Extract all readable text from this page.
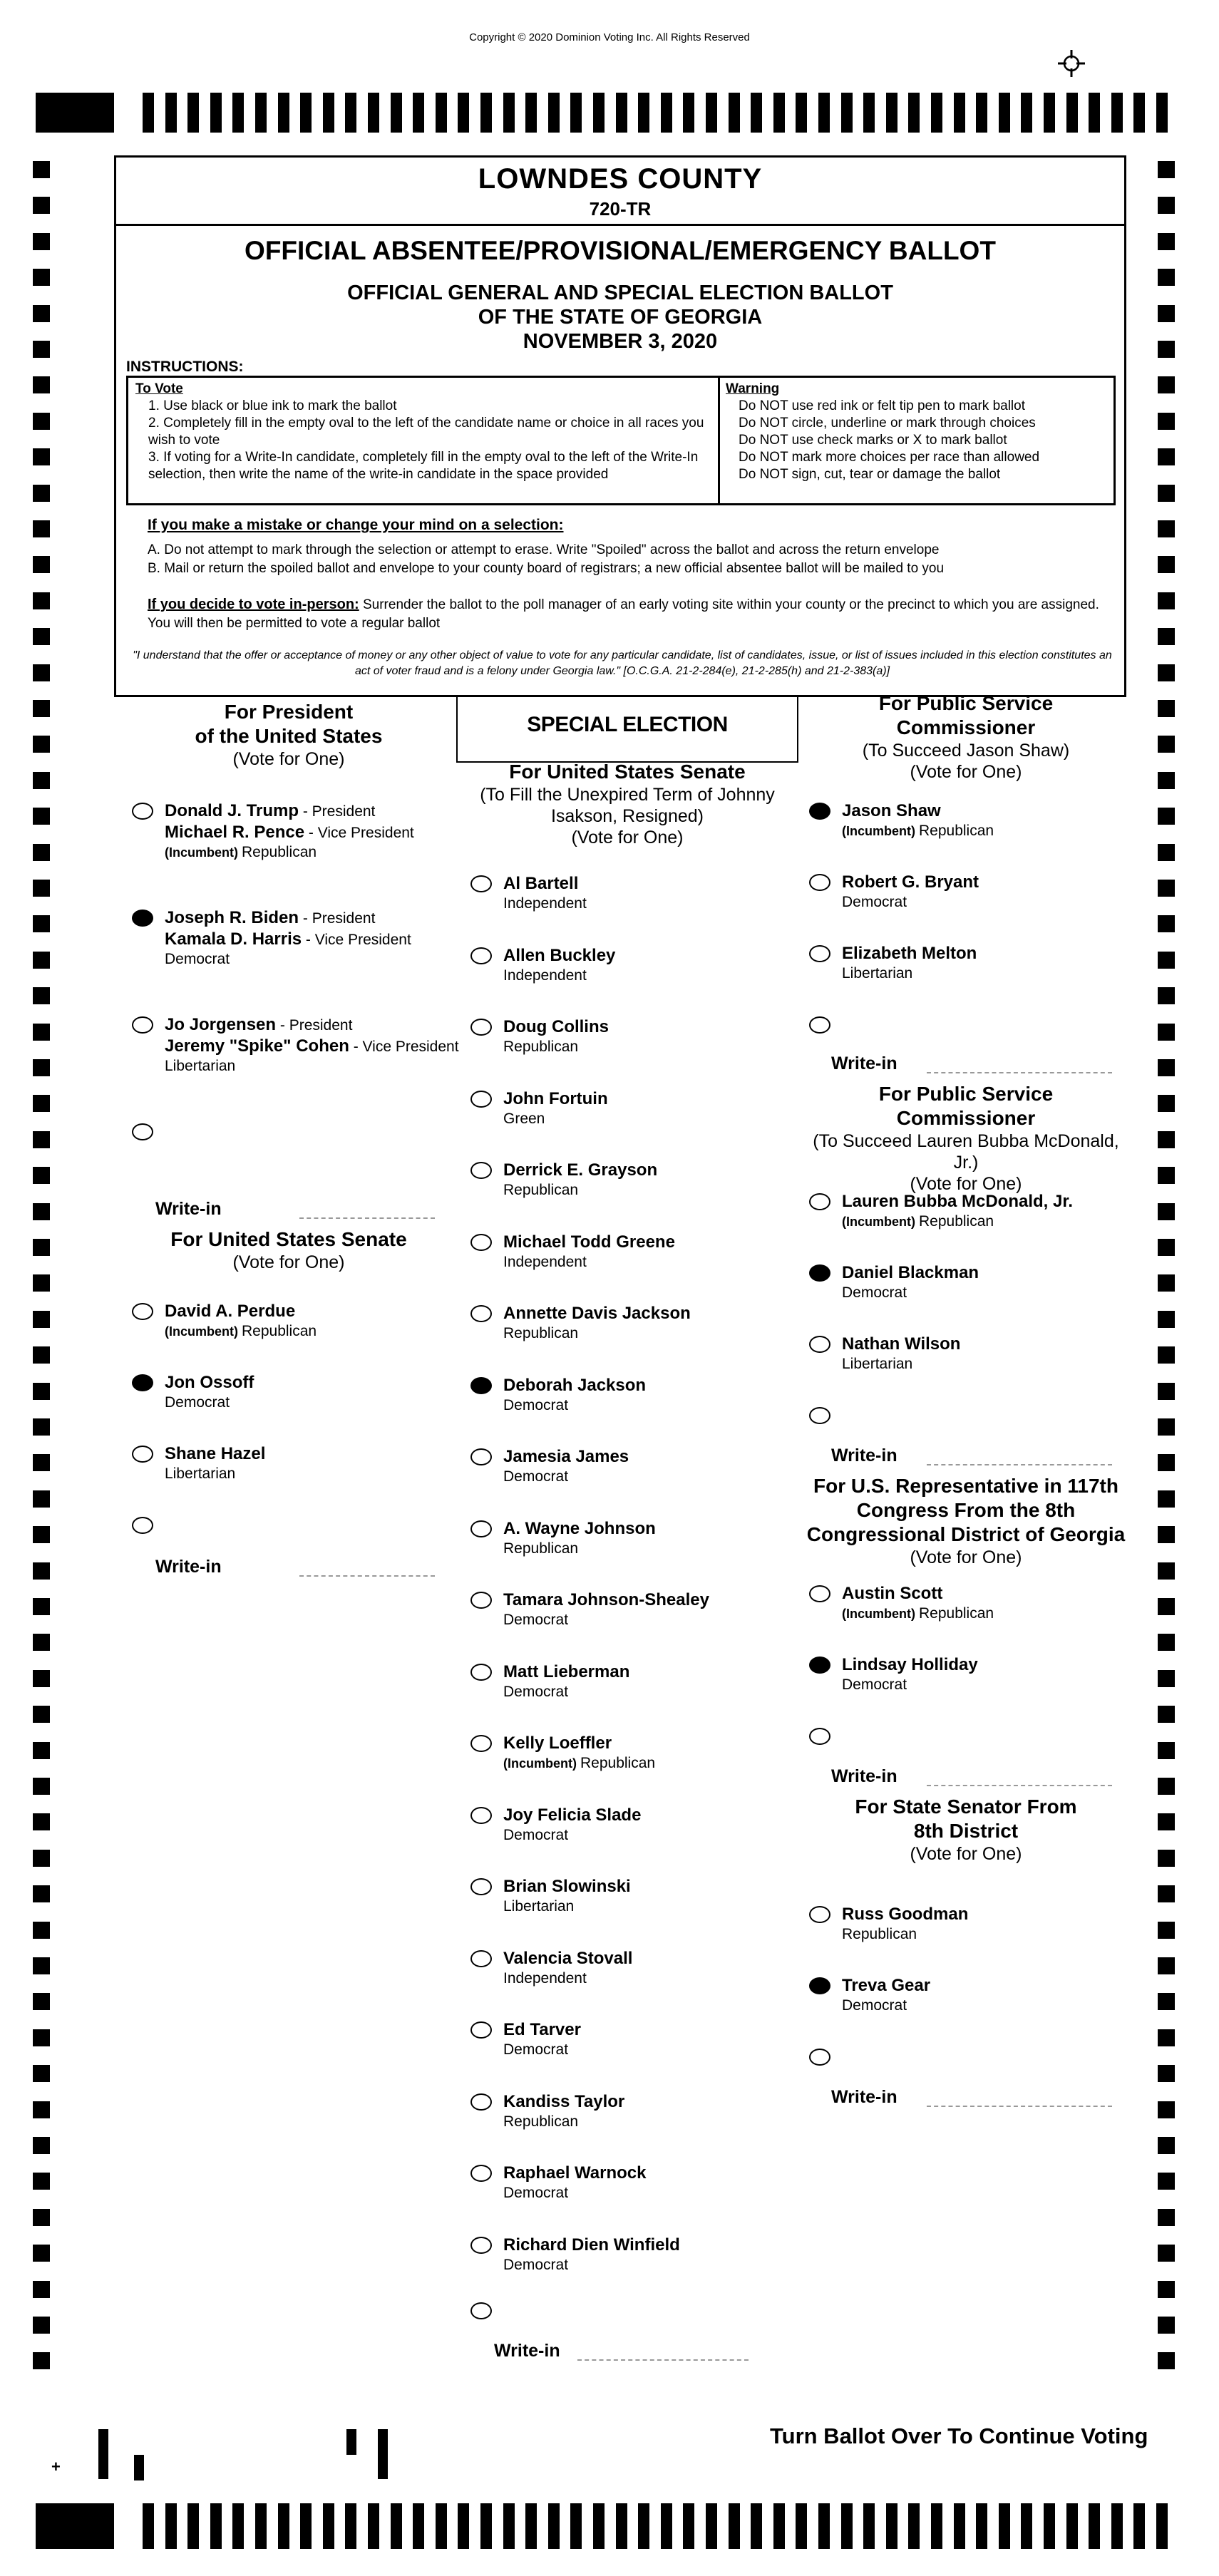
Copyright © 2020 Dominion Voting Inc. All Rights Reserved
LOWNDES COUNTY
720-TR
OFFICIAL ABSENTEE/PROVISIONAL/EMERGENCY BALLOT
OFFICIAL GENERAL AND SPECIAL ELECTION BALLOT
OF THE STATE OF GEORGIA
NOVEMBER 3, 2020
INSTRUCTIONS:
To Vote
1. Use black or blue ink to mark the ballot
2. Completely fill in the empty oval to the left of the candidate name or choice in all races you wish to vote
3. If voting for a Write-In candidate, completely fill in the empty oval to the left of the Write-In selection, then write the name of the write-in candidate in the space provided
Warning
Do NOT use red ink or felt tip pen to mark ballot
Do NOT circle, underline or mark through choices
Do NOT use check marks or X to mark ballot
Do NOT mark more choices per race than allowed
Do NOT sign, cut, tear or damage the ballot
If you make a mistake or change your mind on a selection:
A. Do not attempt to mark through the selection or attempt to erase. Write "Spoiled" across the ballot and across the return envelope
B. Mail or return the spoiled ballot and envelope to your county board of registrars; a new official absentee ballot will be mailed to you
If you decide to vote in-person: Surrender the ballot to the poll manager of an early voting site within your county or the precinct to which you are assigned. You will then be permitted to vote a regular ballot
"I understand that the offer or acceptance of money or any other object of value to vote for any particular candidate, list of candidates, issue, or list of issues included in this election constitutes an act of voter fraud and is a felony under Georgia law." [O.C.G.A. 21-2-284(e), 21-2-285(h) and 21-2-383(a)]
SPECIAL ELECTION
For President
of the United States
(Vote for One)
Donald J. Trump - President
Michael R. Pence - Vice President
(Incumbent) Republican
Joseph R. Biden - President
Kamala D. Harris - Vice President
Democrat
Jo Jorgensen - President
Jeremy "Spike" Cohen - Vice President
Libertarian
Write-in
For United States Senate
(Vote for One)
David A. Perdue
(Incumbent) Republican
Jon Ossoff
Democrat
Shane Hazel
Libertarian
Write-in
For United States Senate
(To Fill the Unexpired Term of Johnny
Isakson, Resigned)
(Vote for One)
Al Bartell
Independent
Allen Buckley
Independent
Doug Collins
Republican
John Fortuin
Green
Derrick E. Grayson
Republican
Michael Todd Greene
Independent
Annette Davis Jackson
Republican
Deborah Jackson
Democrat
Jamesia James
Democrat
A. Wayne Johnson
Republican
Tamara Johnson-Shealey
Democrat
Matt Lieberman
Democrat
Kelly Loeffler
(Incumbent) Republican
Joy Felicia Slade
Democrat
Brian Slowinski
Libertarian
Valencia Stovall
Independent
Ed Tarver
Democrat
Kandiss Taylor
Republican
Raphael Warnock
Democrat
Richard Dien Winfield
Democrat
Write-in
For Public Service
Commissioner
(To Succeed Jason Shaw)
(Vote for One)
Jason Shaw
(Incumbent) Republican
Robert G. Bryant
Democrat
Elizabeth Melton
Libertarian
Write-in
For Public Service
Commissioner
(To Succeed Lauren Bubba McDonald, Jr.)
(Vote for One)
Lauren Bubba McDonald, Jr.
(Incumbent) Republican
Daniel Blackman
Democrat
Nathan Wilson
Libertarian
Write-in
For U.S. Representative in 117th
Congress From the 8th
Congressional District of Georgia
(Vote for One)
Austin Scott
(Incumbent) Republican
Lindsay Holliday
Democrat
Write-in
For State Senator From
8th District
(Vote for One)
Russ Goodman
Republican
Treva Gear
Democrat
Write-in
Turn Ballot Over To Continue Voting
+
